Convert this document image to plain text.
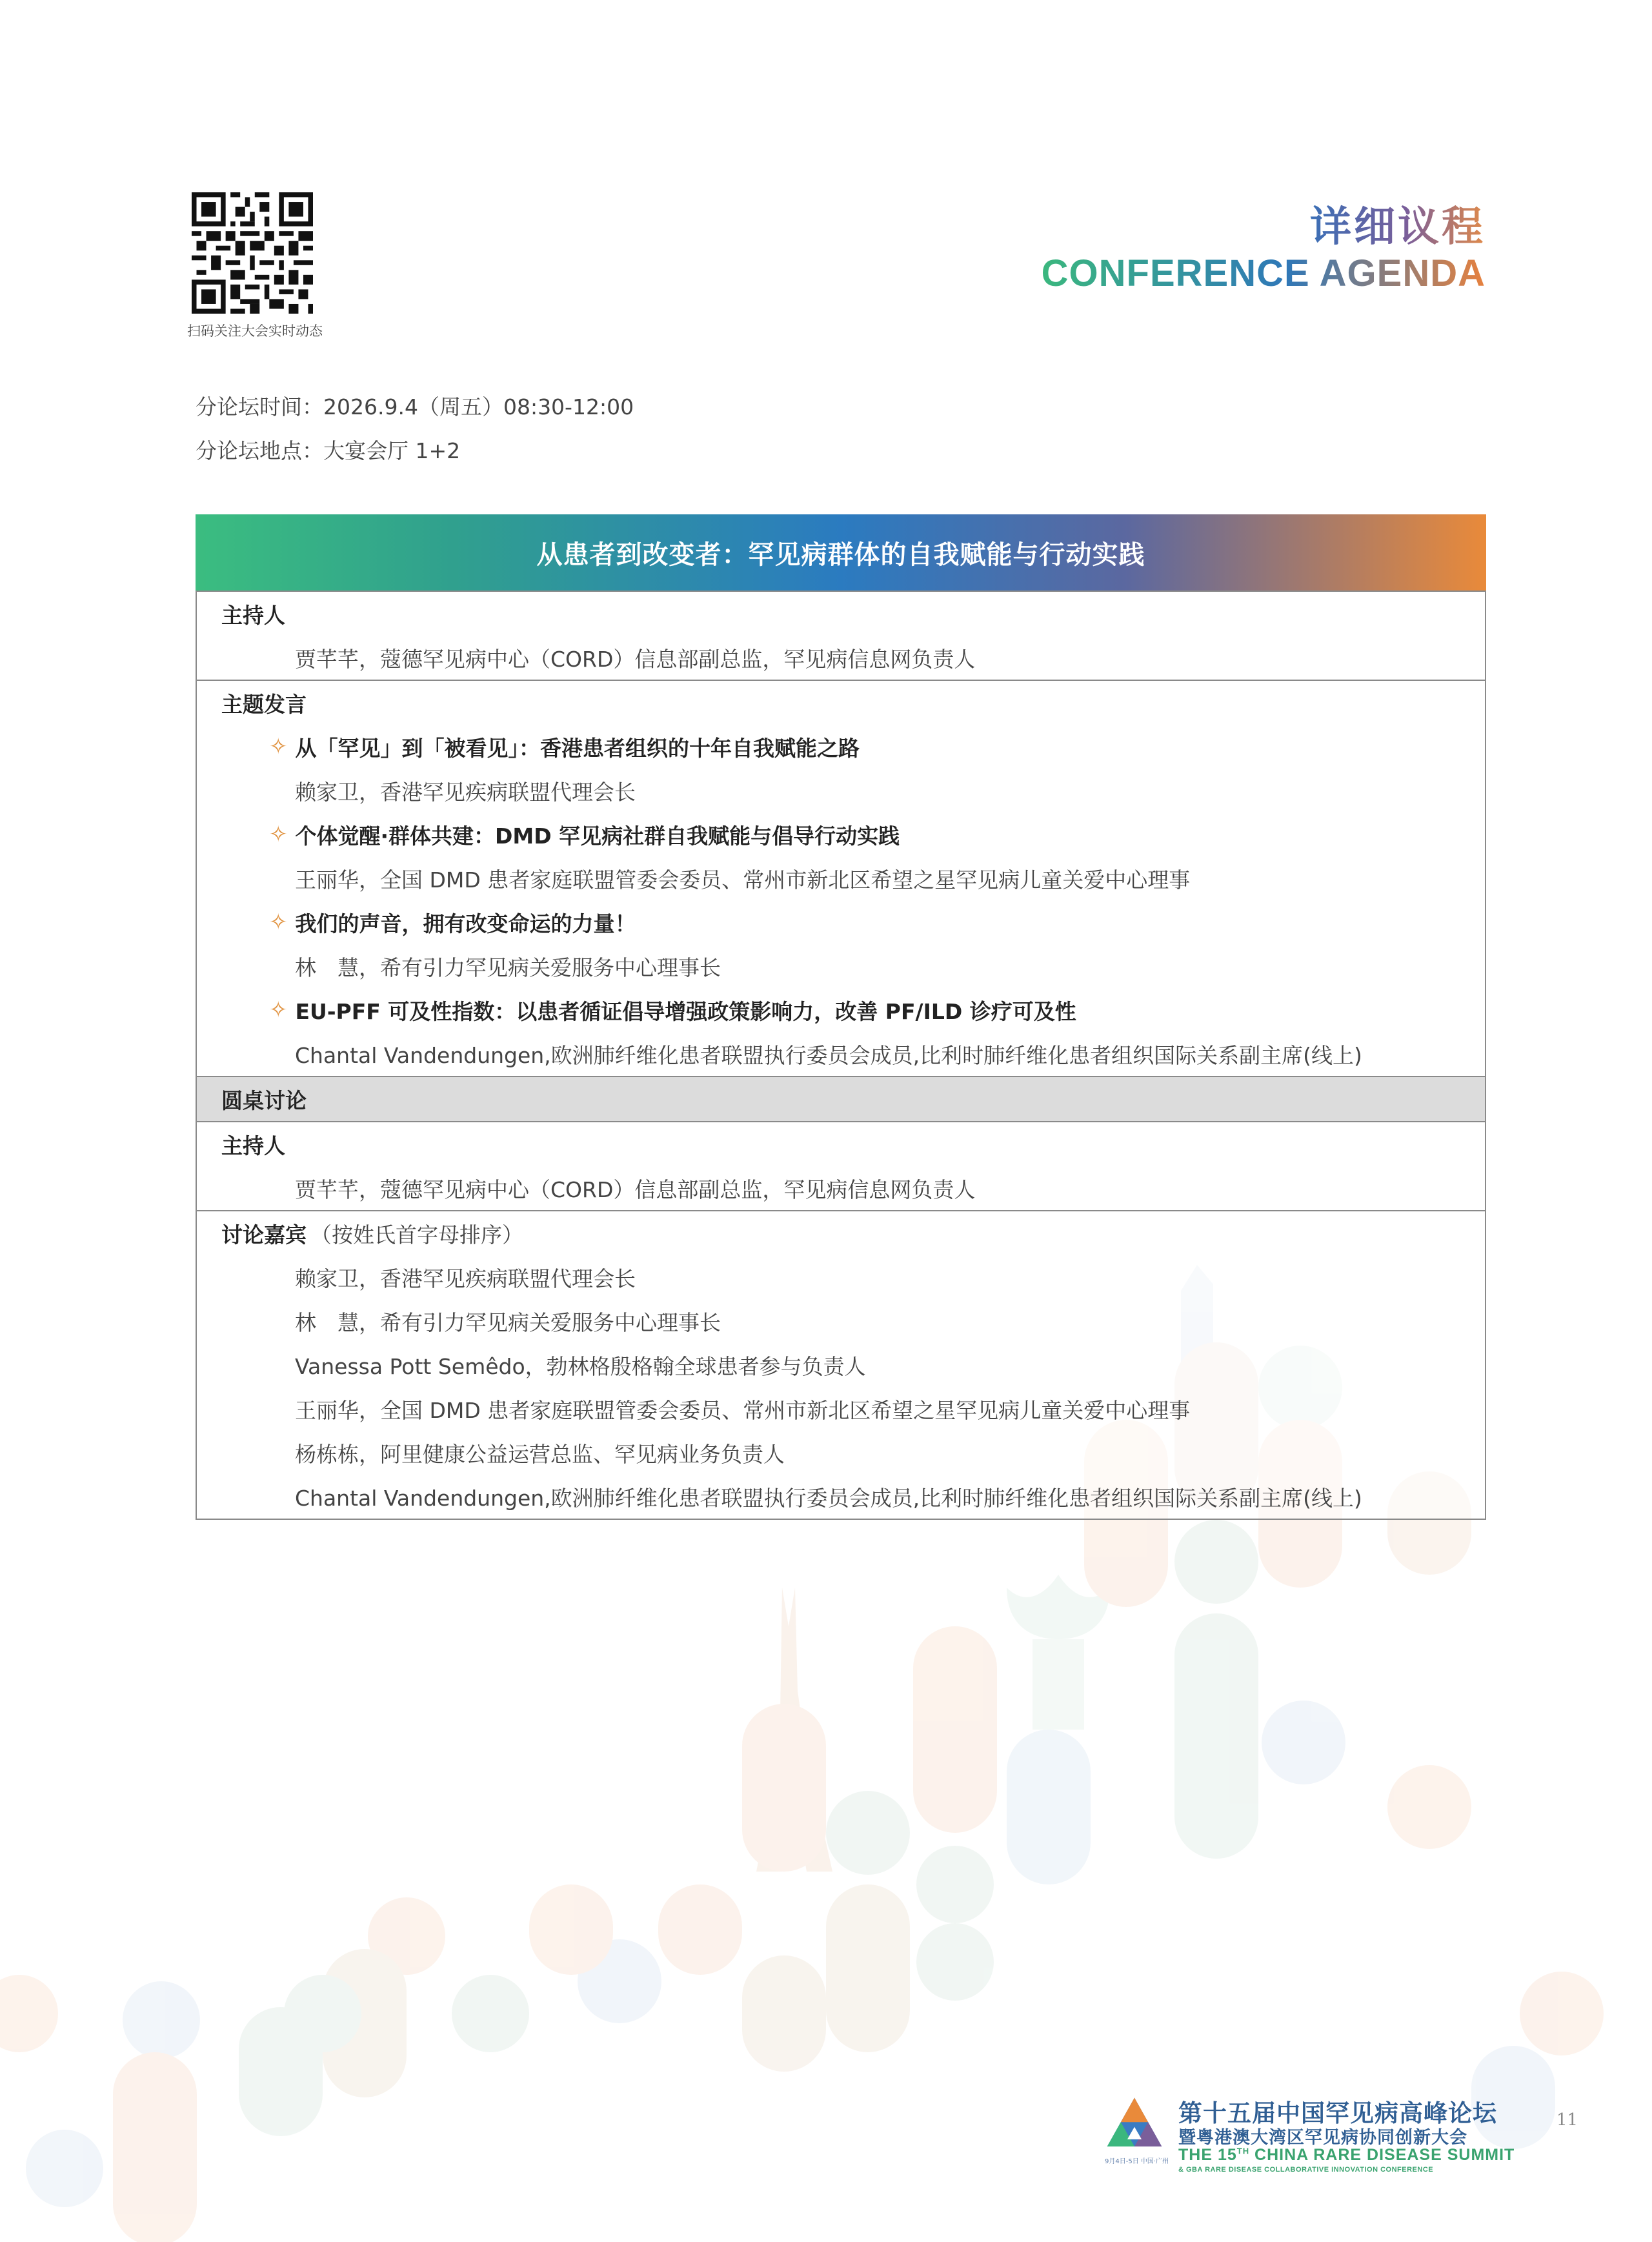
扫码关注大会实时动态
详细议程
CONFERENCE AGENDA
分论坛时间：2026.9.4（周五）08:30-12:00
分论坛地点：大宴会厅 1+2
从患者到改变者：罕见病群体的自我赋能与行动实践
主持人
贾芊芊，蔻德罕见病中心（CORD）信息部副总监，罕见病信息网负责人
主题发言
✧ 从「罕见」到「被看见」：香港患者组织的十年自我赋能之路
赖家卫，香港罕见疾病联盟代理会长
✧ 个体觉醒·群体共建：DMD 罕见病社群自我赋能与倡导行动实践
王丽华，全国 DMD 患者家庭联盟管委会委员、常州市新北区希望之星罕见病儿童关爱中心理事
✧ 我们的声音，拥有改变命运的力量！
林　慧，希有引力罕见病关爱服务中心理事长
✧ EU-PFF 可及性指数：以患者循证倡导增强政策影响力，改善 PF/ILD 诊疗可及性
Chantal Vandendungen,欧洲肺纤维化患者联盟执行委员会成员,比利时肺纤维化患者组织国际关系副主席(线上)
圆桌讨论
主持人
贾芊芊，蔻德罕见病中心（CORD）信息部副总监，罕见病信息网负责人
讨论嘉宾 （按姓氏首字母排序）
赖家卫，香港罕见疾病联盟代理会长
林　慧，希有引力罕见病关爱服务中心理事长
Vanessa Pott Semêdo，勃林格殷格翰全球患者参与负责人
王丽华，全国 DMD 患者家庭联盟管委会委员、常州市新北区希望之星罕见病儿童关爱中心理事
杨栋栋，阿里健康公益运营总监、罕见病业务负责人
Chantal Vandendungen,欧洲肺纤维化患者联盟执行委员会成员,比利时肺纤维化患者组织国际关系副主席(线上)
9月4日-5日 中国·广州
第十五届中国罕见病高峰论坛
暨粤港澳大湾区罕见病协同创新大会
THE 15TH CHINA RARE DISEASE SUMMIT
& GBA RARE DISEASE COLLABORATIVE INNOVATION CONFERENCE
11
